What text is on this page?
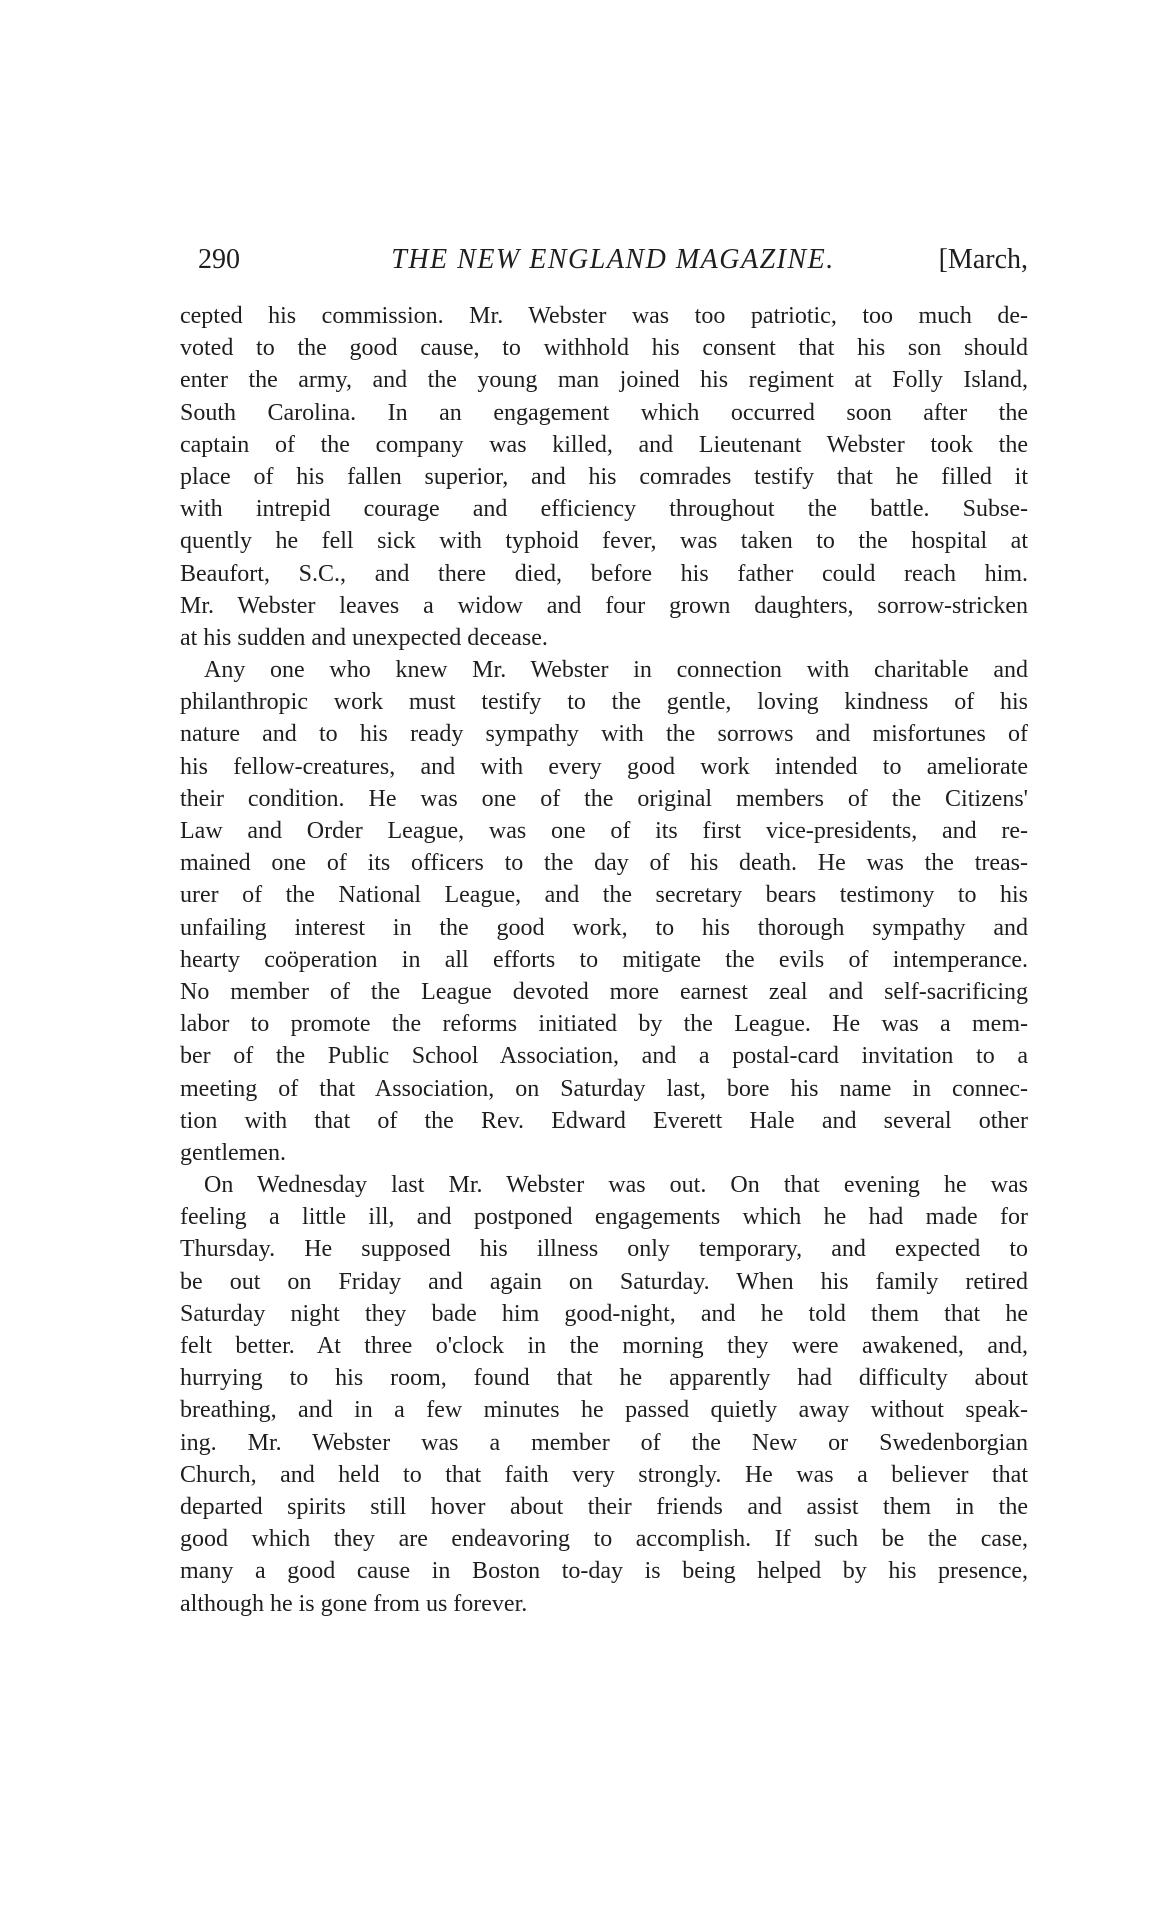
290	THE NEW ENGLAND MAGAZINE.	[March,
cepted his commission. Mr. Webster was too patriotic, too much de-
voted to the good cause, to withhold his consent that his son should
enter the army, and the young man joined his regiment at Folly Island,
South Carolina. In an engagement which occurred soon after the
captain of the company was killed, and Lieutenant Webster took the
place of his fallen superior, and his comrades testify that he filled it
with intrepid courage and efficiency throughout the battle. Subse-
quently he fell sick with typhoid fever, was taken to the hospital at
Beaufort, S.C., and there died, before his father could reach him.
Mr. Webster leaves a widow and four grown daughters, sorrow-stricken
at his sudden and unexpected decease.
Any one who knew Mr. Webster in connection with charitable and
philanthropic work must testify to the gentle, loving kindness of his
nature and to his ready sympathy with the sorrows and misfortunes of
his fellow-creatures, and with every good work intended to ameliorate
their condition. He was one of the original members of the Citizens'
Law and Order League, was one of its first vice-presidents, and re-
mained one of its officers to the day of his death. He was the treas-
urer of the National League, and the secretary bears testimony to his
unfailing interest in the good work, to his thorough sympathy and
hearty coöperation in all efforts to mitigate the evils of intemperance.
No member of the League devoted more earnest zeal and self-sacrificing
labor to promote the reforms initiated by the League. He was a mem-
ber of the Public School Association, and a postal-card invitation to a
meeting of that Association, on Saturday last, bore his name in connec-
tion with that of the Rev. Edward Everett Hale and several other
gentlemen.
On Wednesday last Mr. Webster was out. On that evening he was
feeling a little ill, and postponed engagements which he had made for
Thursday. He supposed his illness only temporary, and expected to
be out on Friday and again on Saturday. When his family retired
Saturday night they bade him good-night, and he told them that he
felt better. At three o'clock in the morning they were awakened, and,
hurrying to his room, found that he apparently had difficulty about
breathing, and in a few minutes he passed quietly away without speak-
ing. Mr. Webster was a member of the New or Swedenborgian
Church, and held to that faith very strongly. He was a believer that
departed spirits still hover about their friends and assist them in the
good which they are endeavoring to accomplish. If such be the case,
many a good cause in Boston to-day is being helped by his presence,
although he is gone from us forever.
